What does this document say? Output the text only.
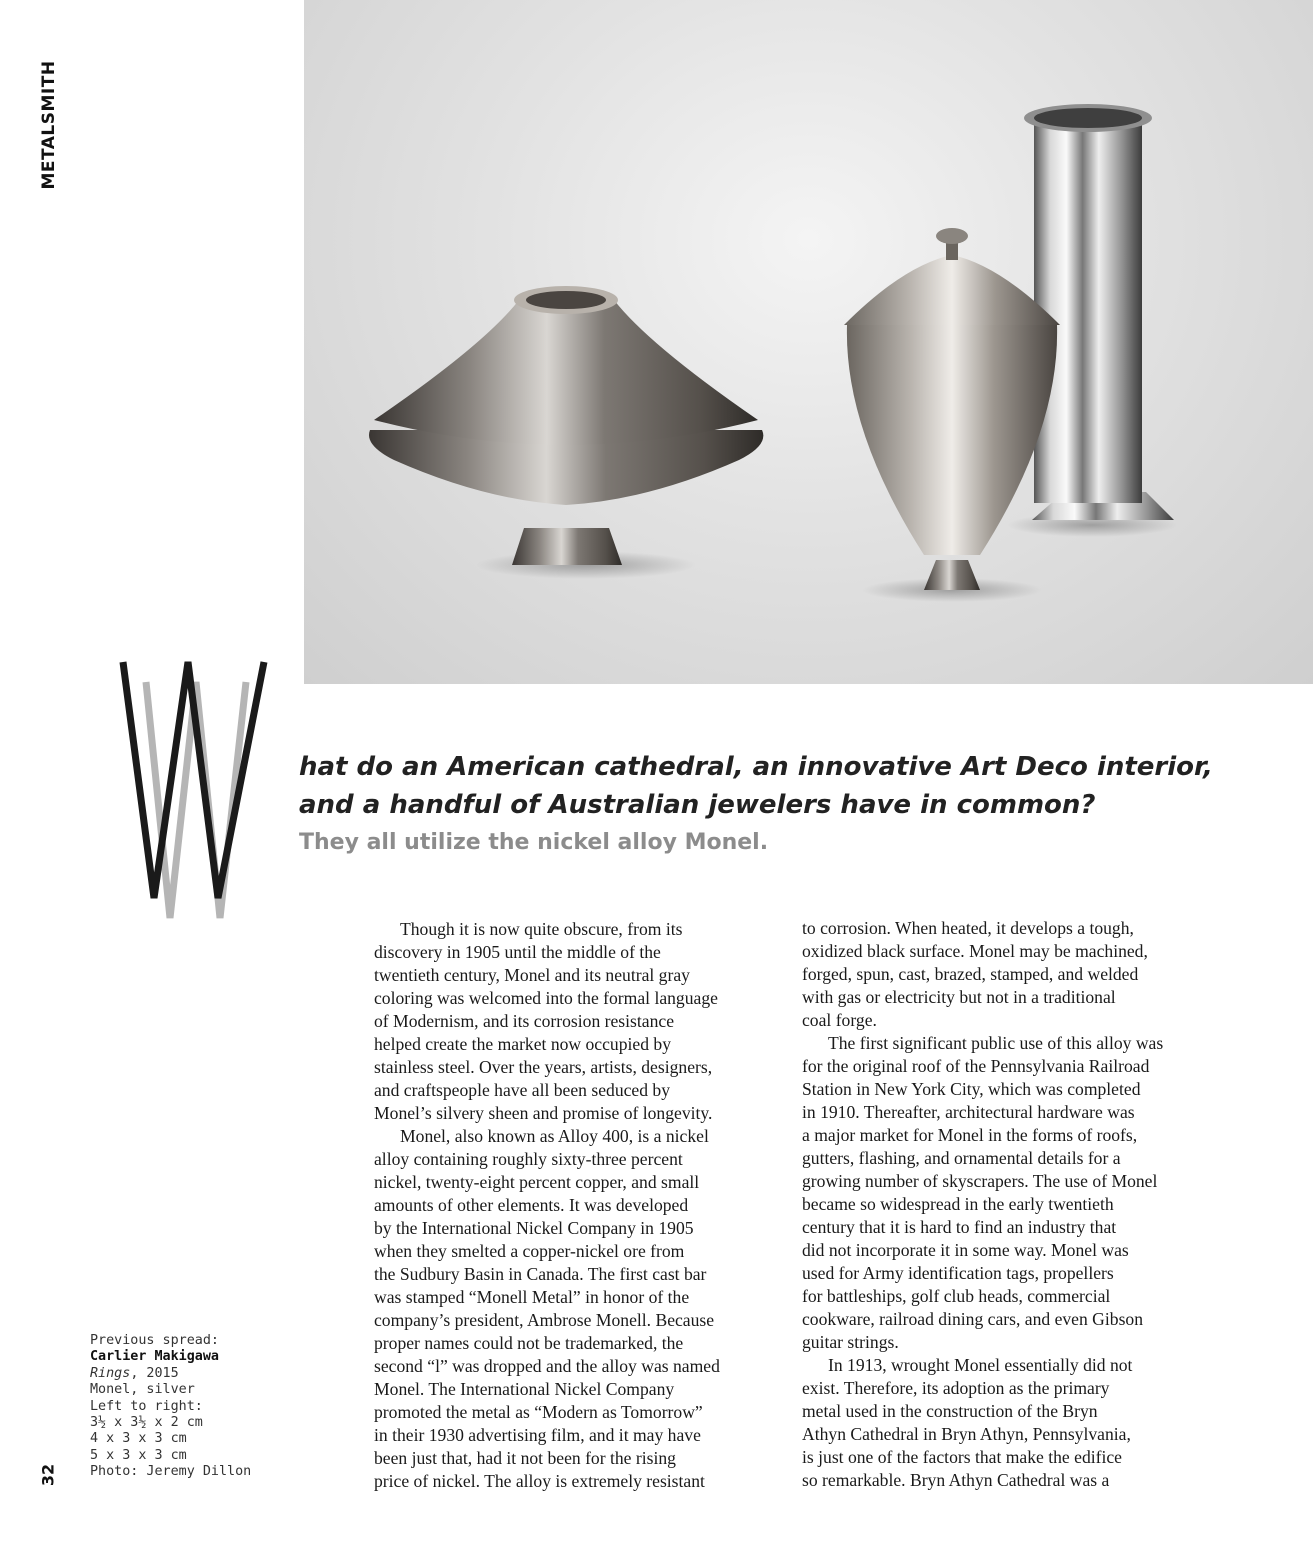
METALSMITH
W
hat do an American cathedral, an innovative Art Deco interior,
and a handful of Australian jewelers have in common?

They all utilize the nickel alloy Monel.

Previous spread:
Carlier Makigawa
Rings, 2015
Monel, silver
Left to right:
3½ x 3½ x 2 cm
4 x 3 x 3 cm
5 x 3 x 3 cm
Photo: Jeremy Dillon
32
Though it is now quite obscure, from its
discovery in 1905 until the middle of the
twentieth century, Monel and its neutral gray
coloring was welcomed into the formal language
of Modernism, and its corrosion resistance
helped create the market now occupied by
stainless steel. Over the years, artists, designers,
and craftspeople have all been seduced by
Monel’s silvery sheen and promise of longevity.
Monel, also known as Alloy 400, is a nickel
alloy containing roughly sixty-three percent
nickel, twenty-eight percent copper, and small
amounts of other elements. It was developed
by the International Nickel Company in 1905
when they smelted a copper-nickel ore from
the Sudbury Basin in Canada. The first cast bar
was stamped “Monell Metal” in honor of the
company’s president, Ambrose Monell. Because
proper names could not be trademarked, the
second “l” was dropped and the alloy was named
Monel. The International Nickel Company
promoted the metal as “Modern as Tomorrow”
in their 1930 advertising film, and it may have
been just that, had it not been for the rising
price of nickel. The alloy is extremely resistant
to corrosion. When heated, it develops a tough,
oxidized black surface. Monel may be machined,
forged, spun, cast, brazed, stamped, and welded
with gas or electricity but not in a traditional
coal forge.
The first significant public use of this alloy was
for the original roof of the Pennsylvania Railroad
Station in New York City, which was completed
in 1910. Thereafter, architectural hardware was
a major market for Monel in the forms of roofs,
gutters, flashing, and ornamental details for a
growing number of skyscrapers. The use of Monel
became so widespread in the early twentieth
century that it is hard to find an industry that
did not incorporate it in some way. Monel was
used for Army identification tags, propellers
for battleships, golf club heads, commercial
cookware, railroad dining cars, and even Gibson
guitar strings.
In 1913, wrought Monel essentially did not
exist. Therefore, its adoption as the primary
metal used in the construction of the Bryn
Athyn Cathedral in Bryn Athyn, Pennsylvania,
is just one of the factors that make the edifice
so remarkable. Bryn Athyn Cathedral was a
